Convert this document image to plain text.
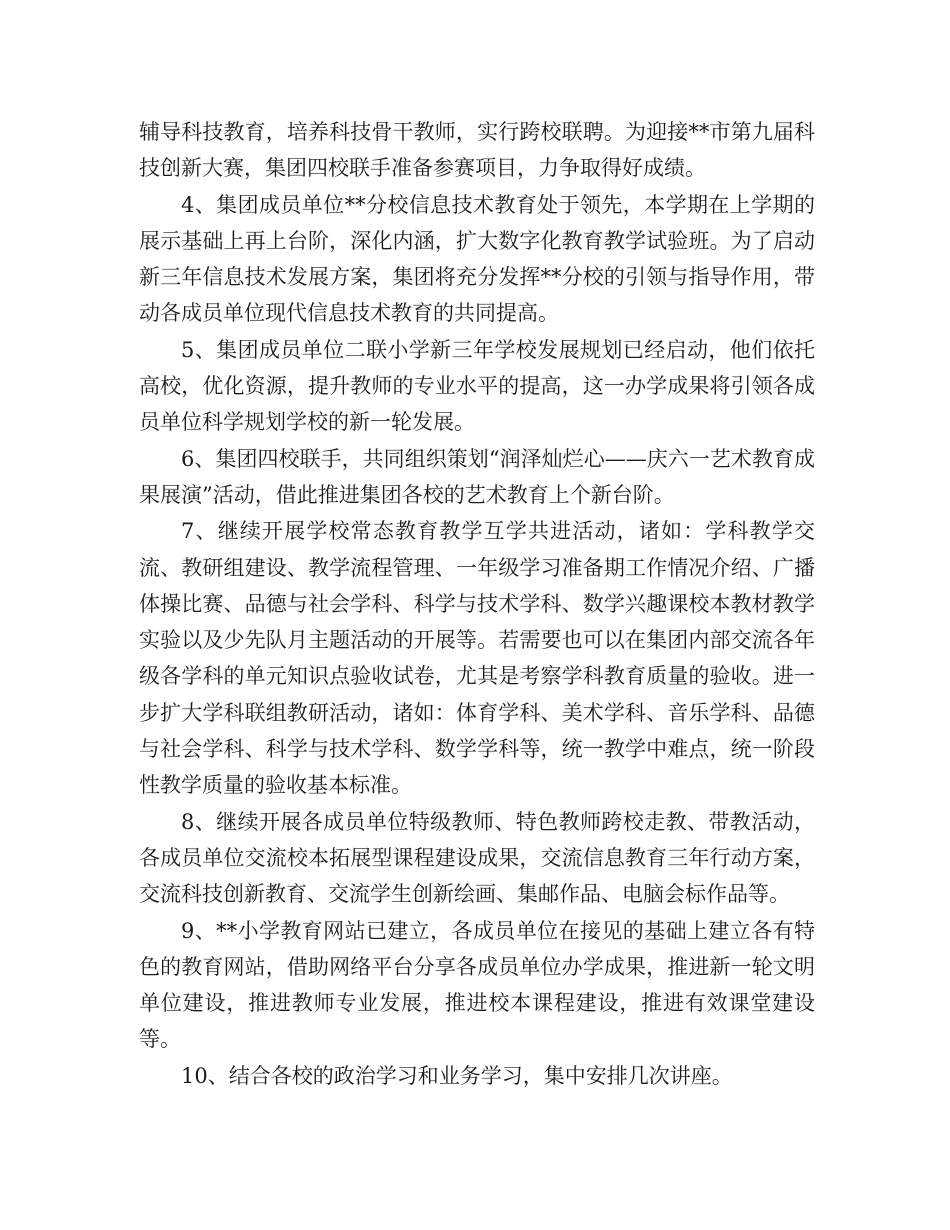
辅导科技教育，培养科技骨干教师，实行跨校联聘。为迎接**市第九届科技创新大赛，集团四校联手准备参赛项目，力争取得好成绩。

4、集团成员单位**分校信息技术教育处于领先，本学期在上学期的展示基础上再上台阶，深化内涵，扩大数字化教育教学试验班。为了启动新三年信息技术发展方案，集团将充分发挥**分校的引领与指导作用，带动各成员单位现代信息技术教育的共同提高。

5、集团成员单位二联小学新三年学校发展规划已经启动，他们依托高校，优化资源，提升教师的专业水平的提高，这一办学成果将引领各成员单位科学规划学校的新一轮发展。

6、集团四校联手，共同组织策划“润泽灿烂心——庆六一艺术教育成果展演”活动，借此推进集团各校的艺术教育上个新台阶。

7、继续开展学校常态教育教学互学共进活动，诸如：学科教学交流、教研组建设、教学流程管理、一年级学习准备期工作情况介绍、广播体操比赛、品德与社会学科、科学与技术学科、数学兴趣课校本教材教学实验以及少先队月主题活动的开展等。若需要也可以在集团内部交流各年级各学科的单元知识点验收试卷，尤其是考察学科教育质量的验收。进一步扩大学科联组教研活动，诸如：体育学科、美术学科、音乐学科、品德与社会学科、科学与技术学科、数学学科等，统一教学中难点，统一阶段性教学质量的验收基本标准。

8、继续开展各成员单位特级教师、特色教师跨校走教、带教活动，各成员单位交流校本拓展型课程建设成果，交流信息教育三年行动方案，交流科技创新教育、交流学生创新绘画、集邮作品、电脑会标作品等。

9、**小学教育网站已建立，各成员单位在接见的基础上建立各有特色的教育网站，借助网络平台分享各成员单位办学成果，推进新一轮文明单位建设，推进教师专业发展，推进校本课程建设，推进有效课堂建设等。

10、结合各校的政治学习和业务学习，集中安排几次讲座。
